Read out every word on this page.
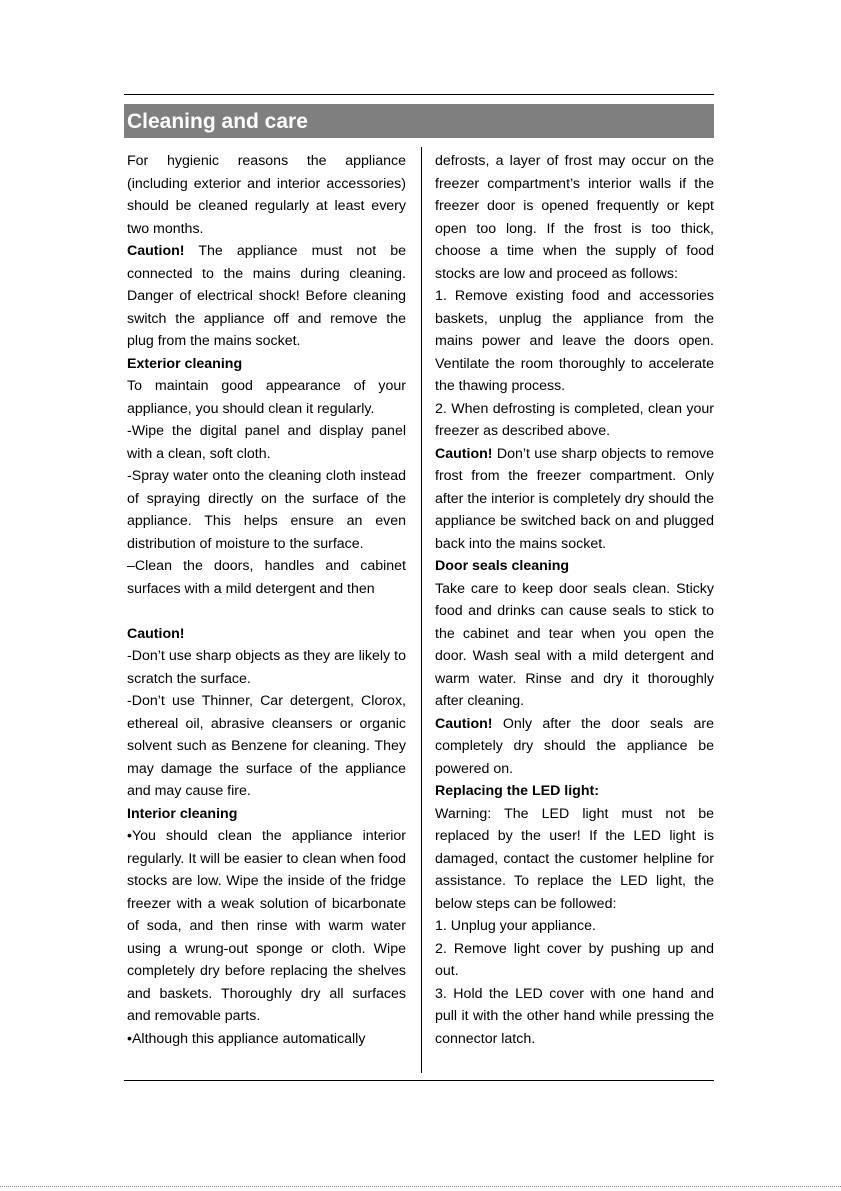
Cleaning and care

For hygienic reasons the appliance (including exterior and interior accessories) should be cleaned regularly at least every two months.

Caution! The appliance must not be connected to the mains during cleaning. Danger of electrical shock! Before cleaning switch the appliance off and remove the plug from the mains socket.

Exterior cleaning

To maintain good appearance of your appliance, you should clean it regularly.

-Wipe the digital panel and display panel with a clean, soft cloth.

-Spray water onto the cleaning cloth instead of spraying directly on the surface of the appliance. This helps ensure an even distribution of moisture to the surface.

–Clean the doors, handles and cabinet surfaces with a mild detergent and then

Caution!

-Don’t use sharp objects as they are likely to scratch the surface.

-Don’t use Thinner, Car detergent, Clorox, ethereal oil, abrasive cleansers or organic solvent such as Benzene for cleaning. They may damage the surface of the appliance and may cause fire.

Interior cleaning

•You should clean the appliance interior regularly. It will be easier to clean when food stocks are low. Wipe the inside of the fridge freezer with a weak solution of bicarbonate of soda, and then rinse with warm water using a wrung-out sponge or cloth. Wipe completely dry before replacing the shelves and baskets. Thoroughly dry all surfaces and removable parts.

•Although this appliance automatically

defrosts, a layer of frost may occur on the freezer compartment’s interior walls if the freezer door is opened frequently or kept open too long. If the frost is too thick, choose a time when the supply of food stocks are low and proceed as follows:

1. Remove existing food and accessories baskets, unplug the appliance from the mains power and leave the doors open. Ventilate the room thoroughly to accelerate the thawing process.

2. When defrosting is completed, clean your freezer as described above.

Caution! Don’t use sharp objects to remove frost from the freezer compartment. Only after the interior is completely dry should the appliance be switched back on and plugged back into the mains socket.

Door seals cleaning

Take care to keep door seals clean. Sticky food and drinks can cause seals to stick to the cabinet and tear when you open the door. Wash seal with a mild detergent and warm water. Rinse and dry it thoroughly after cleaning.

Caution! Only after the door seals are completely dry should the appliance be powered on.

Replacing the LED light:

Warning: The LED light must not be replaced by the user! If the LED light is damaged, contact the customer helpline for assistance. To replace the LED light, the below steps can be followed:

1. Unplug your appliance.

2. Remove light cover by pushing up and out.

3. Hold the LED cover with one hand and pull it with the other hand while pressing the connector latch.
